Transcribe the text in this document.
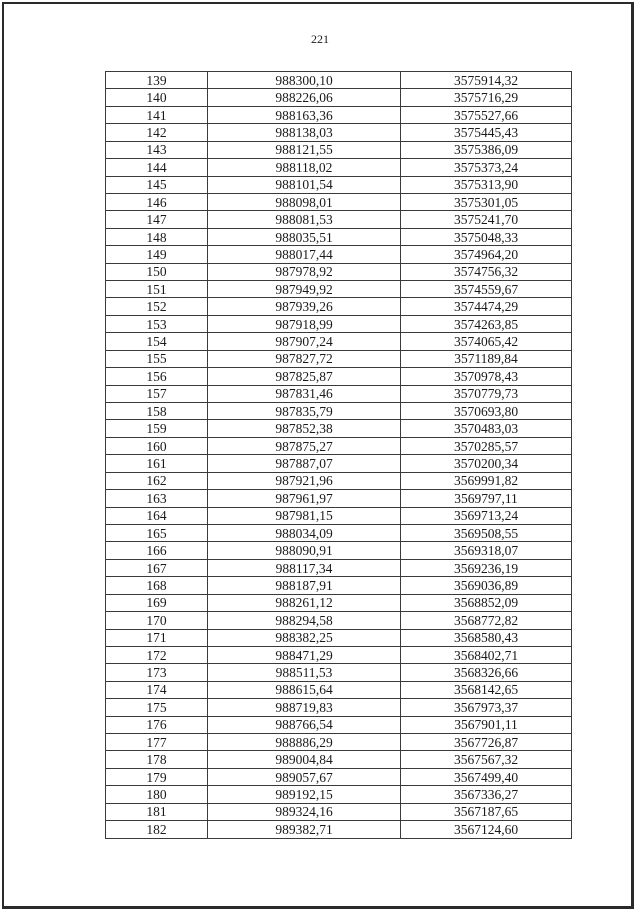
221
139	988300,10	3575914,32
140	988226,06	3575716,29
141	988163,36	3575527,66
142	988138,03	3575445,43
143	988121,55	3575386,09
144	988118,02	3575373,24
145	988101,54	3575313,90
146	988098,01	3575301,05
147	988081,53	3575241,70
148	988035,51	3575048,33
149	988017,44	3574964,20
150	987978,92	3574756,32
151	987949,92	3574559,67
152	987939,26	3574474,29
153	987918,99	3574263,85
154	987907,24	3574065,42
155	987827,72	3571189,84
156	987825,87	3570978,43
157	987831,46	3570779,73
158	987835,79	3570693,80
159	987852,38	3570483,03
160	987875,27	3570285,57
161	987887,07	3570200,34
162	987921,96	3569991,82
163	987961,97	3569797,11
164	987981,15	3569713,24
165	988034,09	3569508,55
166	988090,91	3569318,07
167	988117,34	3569236,19
168	988187,91	3569036,89
169	988261,12	3568852,09
170	988294,58	3568772,82
171	988382,25	3568580,43
172	988471,29	3568402,71
173	988511,53	3568326,66
174	988615,64	3568142,65
175	988719,83	3567973,37
176	988766,54	3567901,11
177	988886,29	3567726,87
178	989004,84	3567567,32
179	989057,67	3567499,40
180	989192,15	3567336,27
181	989324,16	3567187,65
182	989382,71	3567124,60
